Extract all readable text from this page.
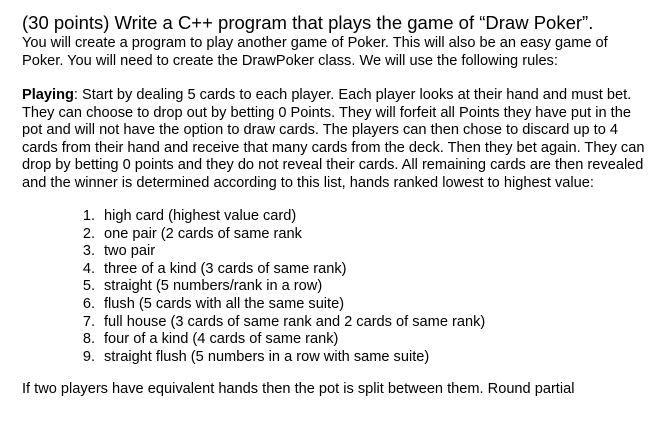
(30 points) Write a C++ program that plays the game of “Draw Poker”.

You will create a program to play another game of Poker. This will also be an easy game of Poker. You will need to create the DrawPoker class. We will use the following rules:

Playing: Start by dealing 5 cards to each player. Each player looks at their hand and must bet. They can choose to drop out by betting 0 Points. They will forfeit all Points they have put in the pot and will not have the option to draw cards. The players can then chose to discard up to 4 cards from their hand and receive that many cards from the deck. Then they bet again. They can drop by betting 0 points and they do not reveal their cards. All remaining cards are then revealed and the winner is determined according to this list, hands ranked lowest to highest value:

1. high card (highest value card)
2. one pair (2 cards of same rank
3. two pair
4. three of a kind (3 cards of same rank)
5. straight (5 numbers/rank in a row)
6. flush (5 cards with all the same suite)
7. full house (3 cards of same rank and 2 cards of same rank)
8. four of a kind (4 cards of same rank)
9. straight flush (5 numbers in a row with same suite)

If two players have equivalent hands then the pot is split between them. Round partial
